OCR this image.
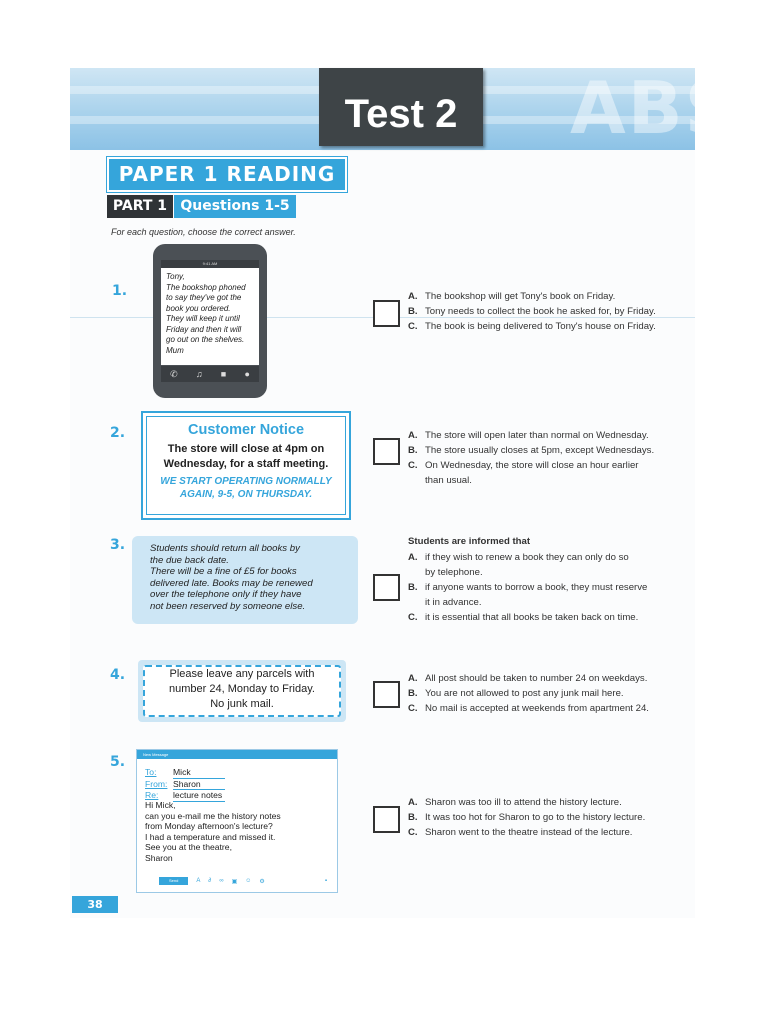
ABS
Test 2
PAPER 1 READING
PART 1 Questions 1-5
For each question, choose the correct answer.
1.
9:41 AM
Tony,
The bookshop phoned
to say they've got the
book you ordered.
They will keep it until
Friday and then it will
go out on the shelves.
Mum
✆ ♫ ■ ●
A. The bookshop will get Tony's book on Friday.
B. Tony needs to collect the book he asked for, by Friday.
C. The book is being delivered to Tony's house on Friday.
2.	Customer Notice
The store will close at 4pm on
Wednesday, for a staff meeting.
WE START OPERATING NORMALLY
AGAIN, 9-5, ON THURSDAY.
A. The store will open later than normal on Wednesday.
B. The store usually closes at 5pm, except Wednesdays.
C. On Wednesday, the store will close an hour earlier
than usual.
3.	Students should return all books by
the due back date.
There will be a fine of £5 for books
delivered late. Books may be renewed
over the telephone only if they have
not been reserved by someone else.
Students are informed that
A. if they wish to renew a book they can only do so
by telephone.
B. if anyone wants to borrow a book, they must reserve
it in advance.
C. it is essential that all books be taken back on time.
4.	Please leave any parcels with
number 24, Monday to Friday.
No junk mail.
A. All post should be taken to number 24 on weekdays.
B. You are not allowed to post any junk mail here.
C. No mail is accepted at weekends from apartment 24.
5.	New Message
To: Mick
From: Sharon
Re: lecture notes
Hi Mick,
can you e-mail me the history notes
from Monday afternoon's lecture?
I had a temperature and missed it.
See you at the theatre,
Sharon
Send	A ∂ ∞ ▣ ☺ ⚙	▪
A. Sharon was too ill to attend the history lecture.
B. It was too hot for Sharon to go to the history lecture.
C. Sharon went to the theatre instead of the lecture.
38
